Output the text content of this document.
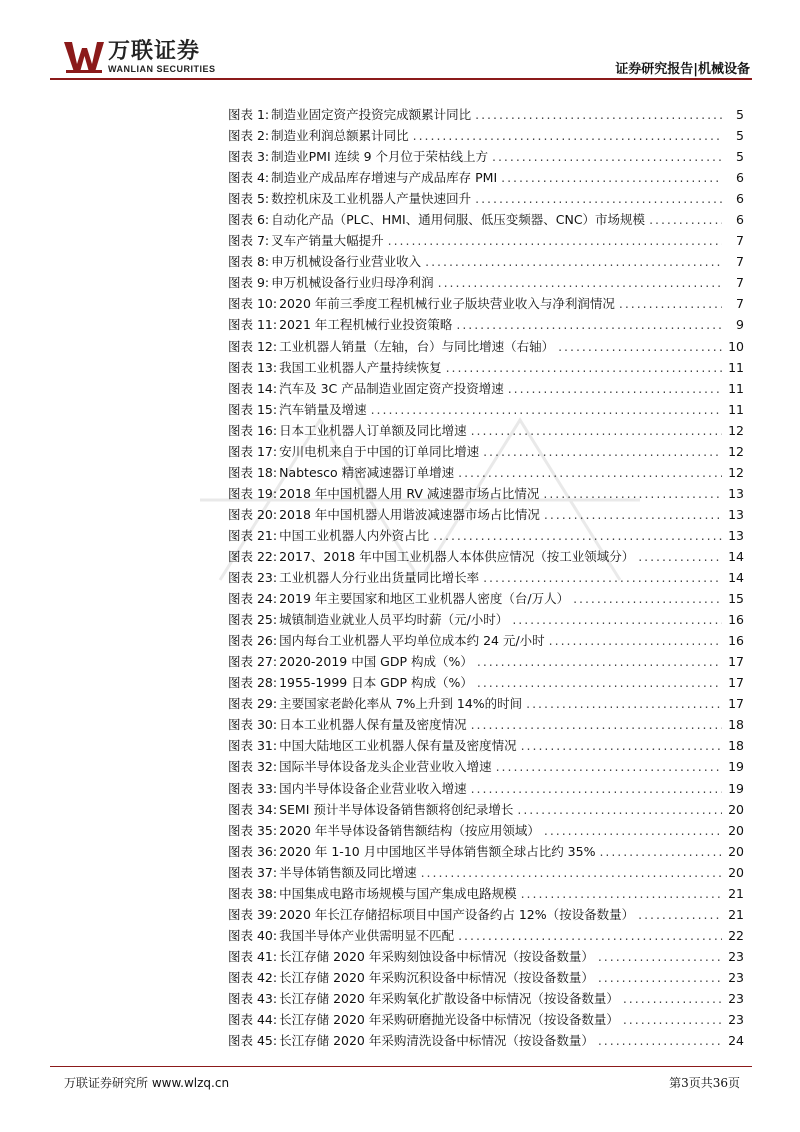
万联证券
WANLIAN SECURITIES	证券研究报告|机械设备
图表 1: 制造业固定资产投资完成额累计同比 . . .	5
图表 2: 制造业利润总额累计同比 . . .	5
图表 3: 制造业PMI 连续 9 个月位于荣枯线上方 . . .	5
图表 4: 制造业产成品库存增速与产成品库存 PMI . . .	6
图表 5: 数控机床及工业机器人产量快速回升 . . .	6
图表 6: 自动化产品（PLC、HMI、通用伺服、低压变频器、CNC）市场规模 . . .	6
图表 7: 叉车产销量大幅提升 . . .	7
图表 8: 申万机械设备行业营业收入 . . .	7
图表 9: 申万机械设备行业归母净利润 . . .	7
图表 10: 2020 年前三季度工程机械行业子版块营业收入与净利润情况 . . .	7
图表 11: 2021 年工程机械行业投资策略 . . .	9
图表 12: 工业机器人销量（左轴，台）与同比增速（右轴） . . .	10
图表 13: 我国工业机器人产量持续恢复 . . .	11
图表 14: 汽车及 3C 产品制造业固定资产投资增速 . . .	11
图表 15: 汽车销量及增速 . . .	11
图表 16: 日本工业机器人订单额及同比增速 . . .	12
图表 17: 安川电机来自于中国的订单同比增速 . . .	12
图表 18: Nabtesco 精密减速器订单增速 . . .	12
图表 19: 2018 年中国机器人用 RV 减速器市场占比情况 . . .	13
图表 20: 2018 年中国机器人用谐波减速器市场占比情况 . . .	13
图表 21: 中国工业机器人内外资占比 . . .	13
图表 22: 2017、2018 年中国工业机器人本体供应情况（按工业领域分） . . .	14
图表 23: 工业机器人分行业出货量同比增长率 . . .	14
图表 24: 2019 年主要国家和地区工业机器人密度（台/万人） . . .	15
图表 25: 城镇制造业就业人员平均时薪（元/小时） . . .	16
图表 26: 国内每台工业机器人平均单位成本约 24 元/小时 . . .	16
图表 27: 2020-2019 中国 GDP 构成（%） . . .	17
图表 28: 1955-1999 日本 GDP 构成（%） . . .	17
图表 29: 主要国家老龄化率从 7%上升到 14%的时间 . . .	17
图表 30: 日本工业机器人保有量及密度情况 . . .	18
图表 31: 中国大陆地区工业机器人保有量及密度情况 . . .	18
图表 32: 国际半导体设备龙头企业营业收入增速 . . .	19
图表 33: 国内半导体设备企业营业收入增速 . . .	19
图表 34: SEMI 预计半导体设备销售额将创纪录增长 . . .	20
图表 35: 2020 年半导体设备销售额结构（按应用领域） . . .	20
图表 36: 2020 年 1-10 月中国地区半导体销售额全球占比约 35% . . .	20
图表 37: 半导体销售额及同比增速 . . .	20
图表 38: 中国集成电路市场规模与国产集成电路规模 . . .	21
图表 39: 2020 年长江存储招标项目中国产设备约占 12%（按设备数量） . . .	21
图表 40: 我国半导体产业供需明显不匹配 . . .	22
图表 41: 长江存储 2020 年采购刻蚀设备中标情况（按设备数量） . . .	23
图表 42: 长江存储 2020 年采购沉积设备中标情况（按设备数量） . . .	23
图表 43: 长江存储 2020 年采购氧化扩散设备中标情况（按设备数量） . . .	23
图表 44: 长江存储 2020 年采购研磨抛光设备中标情况（按设备数量） . . .	23
图表 45: 长江存储 2020 年采购清洗设备中标情况（按设备数量） . . .	24
万联证券研究所 www.wlzq.cn	第3页共36页
